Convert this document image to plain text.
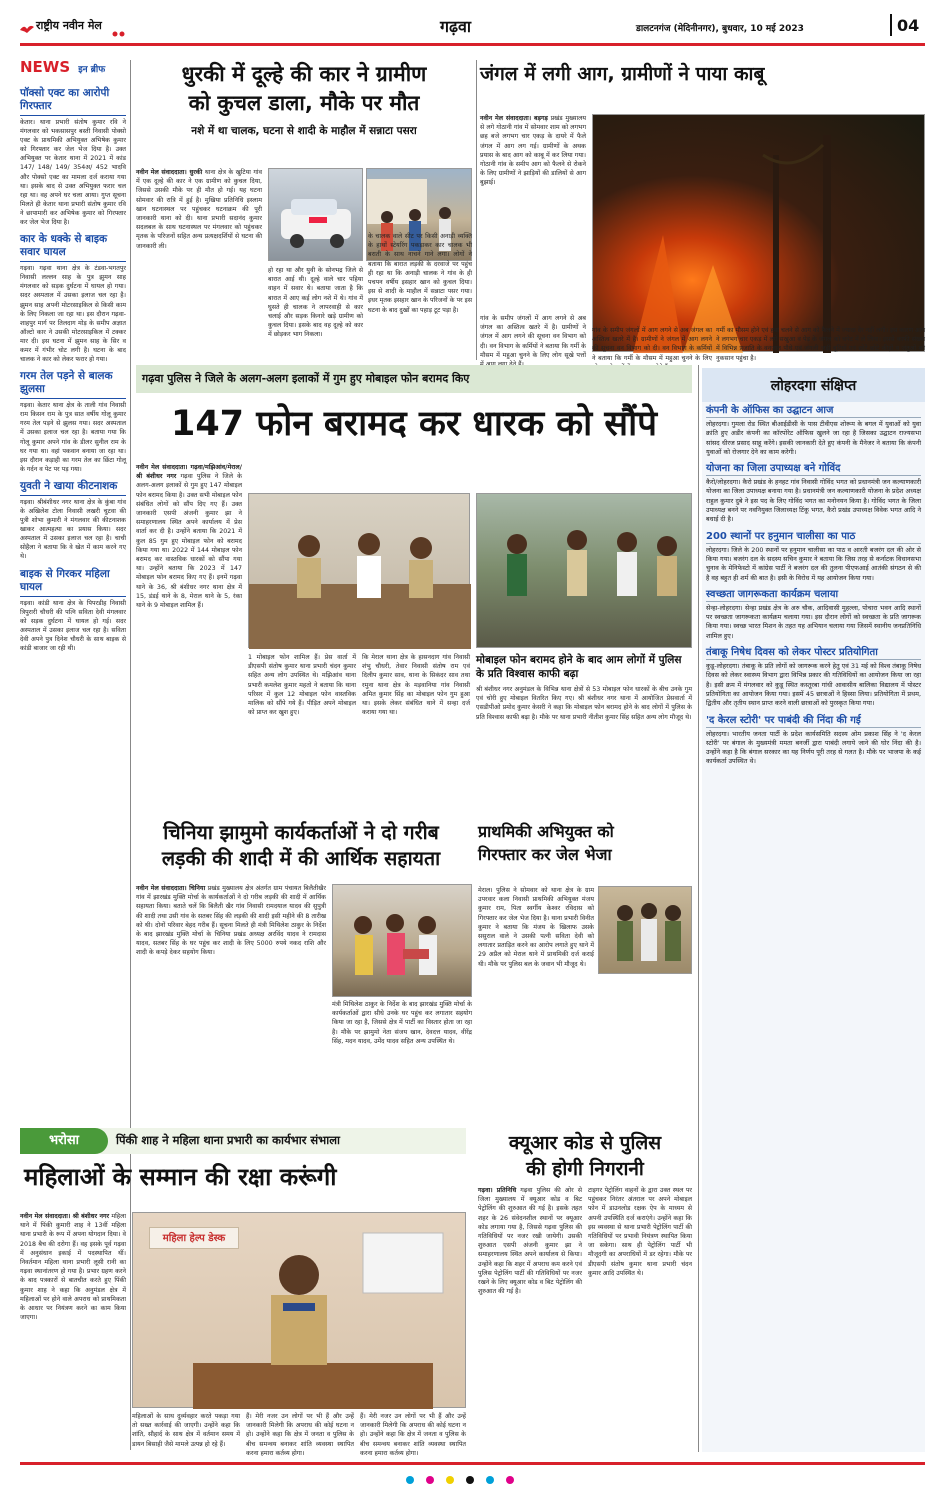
राष्ट्रीय नवीन मेल	गढ़वा	डालटनगंज (मेदिनीनगर), बुधवार, 10 मई 2023	04
NEWS इन ब्रीफ
पॉक्सो एक्ट का आरोपी गिरफ्तार
केतार। थाना प्रभारी संतोष कुमार रवि ने मंगलवार को भकसासपुर बस्ती निवासी पोक्सो एक्ट के प्राथमिकी अभियुक्त अभिषेक कुमार को गिरफ्तार कर जेल भेज दिया है। उक्त अभियुक्त पर केतार थाना में 2021 में कांड 147/ 148/ 149/ 354अ/ 452 भादवि और पोक्सो एक्ट का मामला दर्ज कराया गया था। इसके बाद से उक्त अभियुक्त फरार चल रहा था। वह अपने घर चला आया। गुप्त सूचना मिलते ही केतार थाना प्रभारी संतोष कुमार रवि ने छापामारी कर अभिषेक कुमार को गिरफ्तार कर जेल भेज दिया है।
कार के धक्के से बाइक सवार घायल
गढ़वा। गढ़वा थाना क्षेत्र के टंडवा-भगतपुर निवासी लल्लन साह के पुत्र झुमन साह मंगलवार को सड़क दुर्घटना में घायल हो गया। सदर अस्पताल में उसका इलाज चल रहा है। झुमन साह अपनी मोटरसाइकिल से किसी काम के लिए निकला जा रहा था। इस दौरान गढ़वा-शाहपुर मार्ग पर तिलदाग मोड़ के समीप अज्ञात ऑल्टो कार ने उसकी मोटरसाइकिल में टक्कर मार दी। इस घटना में झुमन साह के सिर व कमर में गंभीर चोट लगी है। घटना के बाद चालक ने कार को लेकर फरार हो गया।
गरम तेल पड़ने से बालक झुलसा
गढ़वा। केतार थाना क्षेत्र के ताली गांव निवासी राम किसन राम के पुत्र सात वर्षीय गोलू कुमार गरम तेल पड़ने से झुलस गया। सदर अस्पताल में उसका इलाज चल रहा है। बताया गया कि गोलू कुमार अपने गांव के डीलर सुनील राम के घर गया था। वहां पकवान बनाया जा रहा था। इस दौरान कड़ाही का गरम तेल का छिंटा गोलू के गर्दन व पेट पर पड़ गया।
युवती ने खाया कीटनाशक
गढ़वा। श्रीबंशीधर नगर थाना क्षेत्र के कुंबा गांव के अखिलेश टोला निवासी लखरी चुटवा की पुत्री शोभा कुमारी ने मंगलवार की कीटनाशक खाकर आत्महत्या का प्रयास किया। सदर अस्पताल में उसका इलाज चल रहा है। चाची सोहैला ने बताया कि वे खेत में काम करने गए थे।
बाइक से गिरकर महिला घायल
गढ़वा। कांडी थाना क्षेत्र के पिपरडीह निवासी त्रिपुरारी चौधरी की पत्नि सविता देवी मंगलवार को सड़क दुर्घटना में घायल हो गई। सदर अस्पताल में उसका इलाज चल रहा है। सविता देवी अपने पुत्र दिनेश चौधरी के साथ बाइक से कांडी बाजार जा रही थी।
धुरकी में दूल्हे की कार ने ग्रामीण
को कुचल डाला, मौके पर मौत
नशे में था चालक, घटना से शादी के माहौल में सन्नाटा पसरा
नवीन मेल संवाददाता। धुरकी थाना क्षेत्र के खुटिया गांव में एक दूल्हे की कार ने एक ग्रामीण को कुचल दिया, जिससे उसकी मौके पर ही मौत हो गई। यह घटना सोमवार की रात्रि में हुई है। मुखिया प्रतिनिधि इस्लाम खान घटनास्थल पर पहुंचकर घटनाक्रम की पूरी जानकारी थाना को दी। थाना प्रभारी सदानंद कुमार सदलबल के साथ घटनास्थल पर मंगलवार को पहुंचकर मृतक के परिजनों सहित अन्य प्रत्यक्षदर्शियों से घटना की जानकारी ली।
हो रहा था और युवी के सोनभद्र जिले से बारात आई थी। दूल्हे वाले चार पहिया वाहन में सवार थे। बताया जाता है कि बारात में आए कई लोग नशे में थे। गांव में घुसते ही चालक ने लापरवाही से कार चलाई और सड़क किनारे खड़े ग्रामीण को कुचल दिया। इसके बाद वह दूल्हे को कार में छोड़कर भाग निकला।
के चालक वाले सीट पर किसी अनाड़ी व्यक्ति के हाथों स्टेयरिंग पकड़ाकर कार चालक भी बराती के साथ नाचने गाने लगा। लोगों ने बताया कि बारात लड़की के दरवाजे पर पहुंच ही रहा था कि अनाड़ी चालक ने गांव के ही पचपन वर्षीय इसहार खान को कुचल दिया। इस से शादी के माहौल में सन्नाटा पसर गया। इधर मृतक इसहार खान के परिजनों के पर इस घटना के बाद दुखों का पहाड़ टूट पड़ा है।
जंगल में लगी आग, ग्रामीणों ने पाया काबू
नवीन मेल संवाददाता। बड़गड़ प्रखंड मुख्यालय से लगे गोठानी गांव में सोमवार शाम को लगभग छह बजे लगभग चार एकड़ के दायरे में फैले जंगल में आग लग गई। ग्रामीणों के अथक प्रयास के बाद आग को काबू में कर लिया गया। गोठानी गांव के समीप आग को फैलने से रोकने के लिए ग्रामीणों ने झाड़ियों की डालियों से आग बुझाई।
गांव के समीप जंगलों में आग लगने से अब जंगल का अस्तित्व खतरे में है। ग्रामीणों ने जंगल में आग लगने की सूचना वन विभाग को दी। वन विभाग के कर्मियों ने बताया कि गर्मी के मौसम में महुआ चुनने के लिए लोग सूखे पत्तों
गर्मी का मौसम होने एवं हवा चलने से आग को फैलने में ज्यादा देर नहीं लगी। इस कारण आग ने लगभग चार एकड़ में लगे सखुआ व पेड़ के जंगल को चपेट में ले लिया। इससे काफी संख्या में विभिन्न प्रजाति के वनजात पौधे एवं जंगली जड़ी बूटियों एवं छोटे छोटे कीड़ों व जंतुओं को नुकसान पहुंचा है।
गांव के समीप जंगलों में आग लगने से अब जंगल का अस्तित्व खतरे में है। ग्रामीणों ने जंगल में आग लगने की सूचना वन विभाग को दी। वन विभाग के कर्मियों ने बताया कि गर्मी के मौसम में महुआ चुनने के लिए
गढ़वा पुलिस ने जिले के अलग-अलग इलाकों में गुम हुए मोबाइल फोन बरामद किए
147 फोन बरामद कर धारक को सौंपे
नवीन मेल संवाददाता। गढ़वा/मझिआंव/मेराल/श्री बंशीधर नगर गढ़वा पुलिस ने जिले के अलग-अलग इलाकों से गुम हुए 147 मोबाइल फोन बरामद किया है। उक्त सभी मोबाइल फोन संबंधित लोगों को सौंप दिए गए हैं। उक्त जानकारी एसपी अंजनी कुमार झा ने समाहरणालय स्थित अपने कार्यालय में प्रेस वार्ता कर दी है। उन्होंने बताया कि 2021 में कुल 85 गुम हुए मोबाइल फोन को बरामद किया गया था। 2022 में 144 मोबाइल फोन बरामद कर वास्तविक धारकों को सौंपा गया था। उन्होंने बताया कि 2023 में 147 मोबाइल फोन बरामद किए गए हैं। इनमें गढ़वा थाने के 36, श्री बंशीधर नगर थाना क्षेत्र में 15, डंडई थाने के 8, मेराल थाने के 5, रंका थाने के 9 मोबाइल शामिल हैं।
1 मोबाइल फोन शामिल हैं। प्रेस वार्ता में डीएसपी संतोष कुमार थाना प्रभारी चंदन कुमार सहित अन्य लोग उपस्थित थे। मझिआंव थाना प्रभारी कमलेश कुमार महतो ने बताया कि थाना परिसर में कुल 12 मोबाइल फोन वास्तविक मालिक को सौंपे गये हैं। पीड़ित अपने मोबाइल को प्राप्त कर खुश हुए।
कि मेराल थाना क्षेत्र के हासनदाग गांव निवासी शंभु चौधरी, तेवार निवासी संतोष राम एवं दिलीप कुमार साव, थाना के सिकंदर साव तथा रमुना थाना क्षेत्र के मड़वानिया गांव निवासी अमित कुमार सिंह का मोबाइल फोन गुम हुआ था। इसके लेकर संबंधित थाने में सन्हा दर्ज कराया गया था।
मोबाइल फोन बरामद होने के बाद आम लोगों में पुलिस के प्रति विश्वास काफी बढ़ा
श्री बंशीधर नगर अनुमंडल के विभिन्न थाना क्षेत्रों से 53 मोबाइल फोन धारकों के बीच उनके गुम एवं चोरी हुए मोबाइल वितरित किए गए। श्री बंशीधर नगर थाना में आयोजित प्रेसवार्ता में एसडीपीओ प्रमोद कुमार केसरी ने कहा कि मोबाइल फोन बरामद होने के बाद लोगों में पुलिस के प्रति विश्वास काफी बढ़ा है। मौके पर थाना प्रभारी नीतीश कुमार सिंह सहित अन्य लोग मौजूद थे।
चिनिया झामुमो कार्यकर्ताओं ने दो गरीब
लड़की की शादी में की आर्थिक सहायता
नवीन मेल संवाददाता। चिनिया प्रखंड मुख्यालय क्षेत्र अंतर्गत ग्राम पंचायत बिलैतीखैर गांव में झारखंड मुक्ति मोर्चा के कार्यकर्ताओं ने दो गरीब लड़की की शादी में आर्थिक सहायता किया। बताते चलें कि बिलैती खैर गांव निवासी रामदयाल यादव की सुपुत्री की शादी तथा उसी गांव के सतबर सिंह की लड़की की शादी इसी महीने की 8 तारीख को थी। दोनों परिवार बेहद गरीब हैं। सूचना मिलते ही मंत्री मिथिलेश ठाकुर के निर्देश के बाद झारखंड मुक्ति मोर्चा के चिनिया प्रखंड अध्यक्ष अरविंद यादव ने रामदास यादव, सतबर सिंह के घर पहुंच कर शादी के लिए 5000 रुपये नकद राशि और शादी के कपड़े देकर सहयोग किया।
मंत्री मिथिलेश ठाकुर के निर्देश के बाद झारखंड मुक्ति मोर्चा के कार्यकर्ताओं द्वारा सीधे उनके घर पहुंच कर लगातार सहयोग किया जा रहा है, जिससे क्षेत्र में पार्टी का विस्तार होता जा रहा है। मौके पर झामुमो नेता संजय खान, देवदत्त यादव, वीरेंद्र सिंह, मदन यादव, उमेंद यादव सहित अन्य उपस्थित थे।
प्राथमिकी अभियुक्त को
गिरफ्तार कर जेल भेजा
मेराल। पुलिस ने सोमवार को थाना क्षेत्र के ग्राम उपरवार कला निवासी प्राथमिकी अभियुक्त मंजय कुमार राम, पिता स्वर्गीय केश्वर रविदास को गिरफ्तार कर जेल भेज दिया है। थाना प्रभारी विनीत कुमार ने बताया कि मंजय के खिलाफ उसके ससुराल वाले ने उसकी पत्नी सविता देवी को लगातार प्रताड़ित करने का आरोप लगाते हुए थाने में 29 अप्रैल को मेराल थाने में प्राथमिकी दर्ज कराई थी। मौके पर पुलिस बल के जवान भी मौजूद थे।
भरोसा	पिंकी शाह ने महिला थाना प्रभारी का कार्यभार संभाला
महिलाओं के सम्मान की रक्षा करूंगी
नवीन मेल संवाददाता। श्री बंशीधर नगर महिला थाने में पिंकी कुमारी शाह ने 13वीं महिला थाना प्रभारी के रूप में अपना योगदान दिया। वे 2018 बैच की दरोगा हैं। वह इसके पूर्व गढ़वा में अनुसंधान इकाई में पदस्थापित थीं। निवर्तमान महिला थाना प्रभारी लूसी रानी का गढ़वा स्थानांतरण हो गया है। प्रभार ग्रहण करने के बाद पत्रकारों से बातचीत करते हुए पिंकी कुमार शाह ने कहा कि अनुमंडल क्षेत्र में महिलाओं पर होने वाले अपराध को प्राथमिकता के आधार पर नियंत्रण करने का काम किया जाएगा।
महिला हेल्प डेस्क
महिलाओं के साथ दुर्व्यवहार करते पकड़ा गया तो सख्त कार्रवाई की जाएगी। उन्होंने कहा कि शांति, सौहार्द के साथ क्षेत्र में वर्तमान समय में डायन बिसाही जैसे मामले उत्पन्न हो रहे हैं।
हैं। मेरी नजर उन लोगों पर भी हैं और उन्हें जानकारी मिलेगी कि अपराध की कोई घटना न हो। उन्होंने कहा कि क्षेत्र में जनता व पुलिस के बीच समन्वय बनाकर शांति व्यवस्था स्थापित करना हमारा कर्तव्य होगा।
हैं। मेरी नजर उन लोगों पर भी हैं और उन्हें जानकारी मिलेगी कि अपराध की कोई घटना न हो। उन्होंने कहा कि क्षेत्र में जनता व पुलिस के बीच समन्वय बनाकर शांति व्यवस्था स्थापित करना हमारा कर्तव्य होगा।
क्यूआर कोड से पुलिस
की होगी निगरानी
गढ़वा। प्रतिनिधि गढ़वा पुलिस की ओर से जिला मुख्यालय में क्यूआर कोड व बिट पेट्रोलिंग की शुरुआत की गई है। इसके तहत शहर के 26 संवेदनशील स्थानों पर क्यूआर कोड लगाया गया है, जिससे गढ़वा पुलिस की गतिविधियों पर नजर रखी जायेगी। उसकी शुरुआत एसपी अंजनी कुमार झा ने समाहरणालय स्थित अपने कार्यालय से किया। उन्होंने कहा कि शहर में अपराध कम करने एवं पुलिस पेट्रोलिंग पार्टी की गतिविधियों पर नजर रखने के लिए क्यूआर कोड व बिट पेट्रोलिंग की शुरुआत की गई है।
टाइगर पेट्रोलिंग वाहनों के द्वारा उक्त स्थल पर पहुंचकर निरंतर अंतराल पर अपने मोबाइल फोन में डाउनलोड रक्षक ऐप के माध्यम से अपनी उपस्थिति दर्ज कराएंगे। उन्होंने कहा कि इस व्यवस्था से थाना प्रभारी पेट्रोलिंग पार्टी की गतिविधियों पर प्रभावी नियंत्रण स्थापित किया जा सकेगा। साथ ही पेट्रोलिंग पार्टी भी मौजूदगी का अपराधियों में डर रहेगा। मौके पर डीएसपी संतोष कुमार थाना प्रभारी चंदन कुमार आदि उपस्थित थे।
लोहरदगा संक्षिप्त
कंपनी के ऑफिस का उद्घाटन आज
लोहरदगा। गुमला रोड स्थित बीआईडीसी के पास टीवीएस शोरूम के बगल में युवाओं को युवा क्रांति हुए अडीर कंपनी का कॉरपोरेट ऑफिस खुलने जा रहा है जिसका उद्घाटन राज्यसभा सांसद धीरज प्रसाद साहू करेंगे। इसकी जानकारी देते हुए कंपनी के मैनेजर ने बताया कि कंपनी युवाओं को रोजगार देने का काम करेगी।
योजना का जिला उपाध्यक्ष बने गोविंद
कैरो/लोहरदगा। कैरो प्रखंड के हनहट गांव निवासी गोविंद भगत को प्रधानमंत्री जन कल्याणकारी योजना का जिला उपाध्यक्ष बनाया गया है। प्रधानमंत्री जन कल्याणकारी योजना के प्रदेश अध्यक्ष राहुल कुमार दुबे ने इस पद के लिए गोविंद भगत का मनोनयन किया है। गोविंद भगत के जिला उपाध्यक्ष बनने पर नवनियुक्त जिलाध्यक्ष टिंकू भगत, कैरो प्रखंड उपाध्यक्ष विवेक भगत आदि ने बधाई दी है।
200 स्थानों पर हनुमान चालीसा का पाठ
लोहरदगा। जिले के 200 स्थानों पर हनुमान चालीसा का पाठ व आरती बजरंग दल की ओर से किया गया। बजरंग दल के सदस्य सचिन कुमार ने बताया कि जिस तरह से कर्नाटक विधानसभा चुनाव के मेनिफेस्टो में कांग्रेस पार्टी ने बजरंग दल की तुलना पीएफआई आतंकी संगठन से की है वह बहुत ही शर्म की बात है। इसी के विरोध में यह आयोजन किया गया।
स्वच्छता जागरूकता कार्यक्रम चलाया
सेन्हा-लोहरदगा। सेन्हा प्रखंड क्षेत्र के अरु चौक, आदिवासी मुहल्ला, पोचारा भवन आदि स्थानों पर स्वच्छता जागरूकता कार्यक्रम चलाया गया। इस दौरान लोगों को स्वच्छता के प्रति जागरूक किया गया। स्वच्छ भारत मिशन के तहत यह अभियान चलाया गया जिसमें स्थानीय जनप्रतिनिधि शामिल हुए।
तंबाकू निषेध दिवस को लेकर पोस्टर प्रतियोगिता
कुडू-लोहरदगा। तंबाकू के प्रति लोगों को जागरूक करने हेतु एवं 31 मई को विश्व तंबाकू निषेध दिवस को लेकर स्वास्थ्य विभाग द्वारा विभिन्न प्रकार की गतिविधियों का आयोजन किया जा रहा है। इसी क्रम में मंगलवार को कुडू स्थित कस्तूरबा गांधी आवासीय बालिका विद्यालय में पोस्टर प्रतियोगिता का आयोजन किया गया। इसमें 45 छात्राओं ने हिस्सा लिया। प्रतियोगिता में प्रथम, द्वितीय और तृतीय स्थान प्राप्त करने वाली छात्राओं को पुरस्कृत किया गया।
'द केरल स्टोरी' पर पाबंदी की निंदा की गई
लोहरदगा। भारतीय जनता पार्टी के प्रदेश कार्यसमिति सदस्य ओम प्रकाश सिंह ने 'द केरल स्टोरी' पर बंगाल के मुख्यमंत्री ममता बनर्जी द्वारा पाबंदी लगाये जाने की घोर निंदा की है। उन्होंने कहा है कि बंगाल सरकार का यह निर्णय पूरी तरह से गलत है। मौके पर भाजपा के कई कार्यकर्ता उपस्थित थे।
